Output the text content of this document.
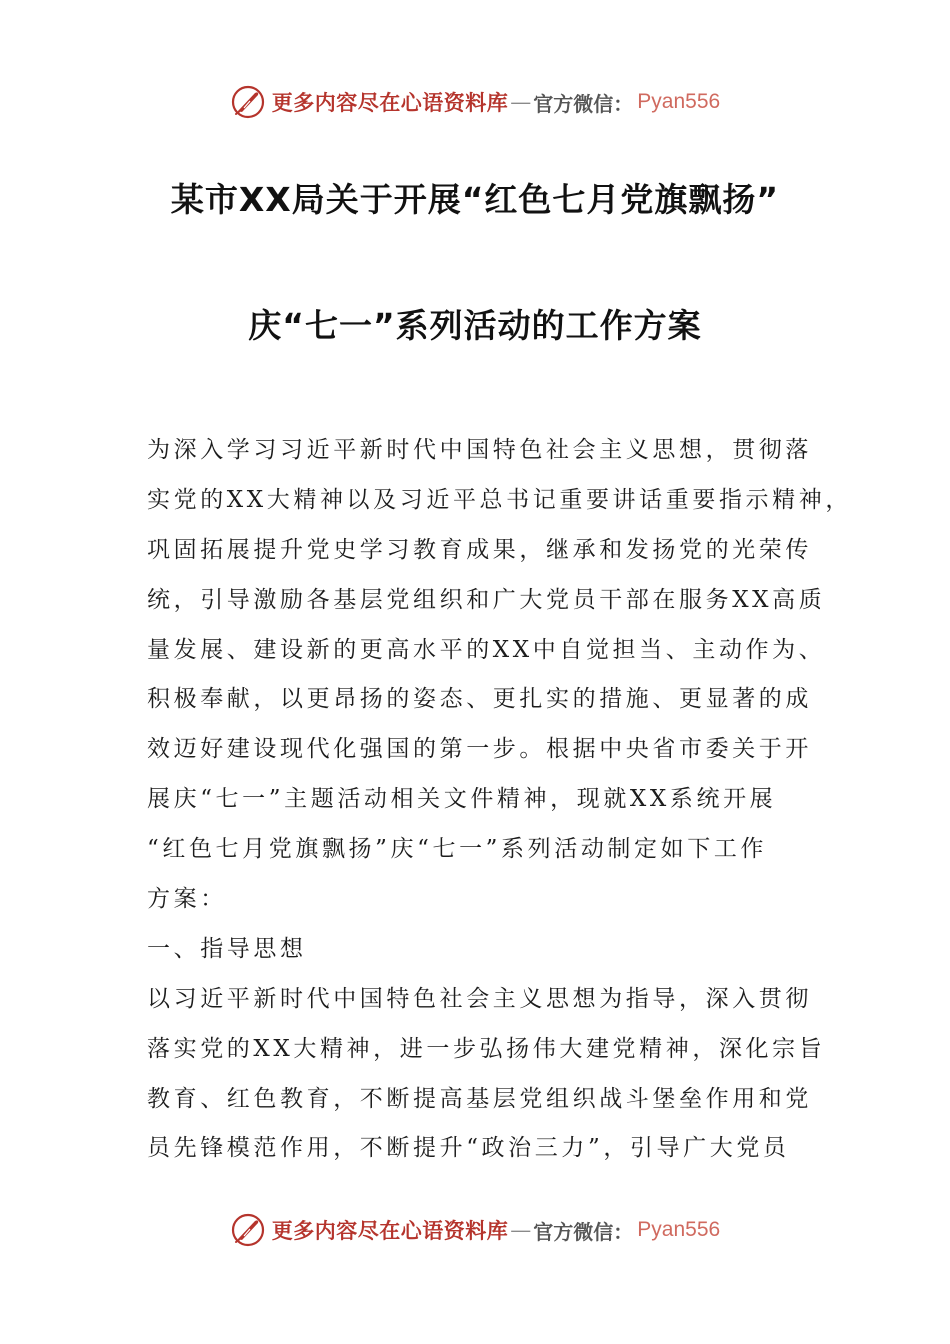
更多内容尽在心语资料库 — 官方微信： Pyan556
某市XX局关于开展“红色七月党旗飘扬”
庆“七一”系列活动的工作方案
为深入学习习近平新时代中国特色社会主义思想，贯彻落
实党的XX大精神以及习近平总书记重要讲话重要指示精神，
巩固拓展提升党史学习教育成果，继承和发扬党的光荣传
统，引导激励各基层党组织和广大党员干部在服务XX高质
量发展、建设新的更高水平的XX中自觉担当、主动作为、
积极奉献，以更昂扬的姿态、更扎实的措施、更显著的成
效迈好建设现代化强国的第一步。根据中央省市委关于开
展庆“七一”主题活动相关文件精神，现就XX系统开展
“红色七月党旗飘扬”庆“七一”系列活动制定如下工作
方案：
一、指导思想
以习近平新时代中国特色社会主义思想为指导，深入贯彻
落实党的XX大精神，进一步弘扬伟大建党精神，深化宗旨
教育、红色教育，不断提高基层党组织战斗堡垒作用和党
员先锋模范作用，不断提升“政治三力”，引导广大党员
更多内容尽在心语资料库 — 官方微信： Pyan556
